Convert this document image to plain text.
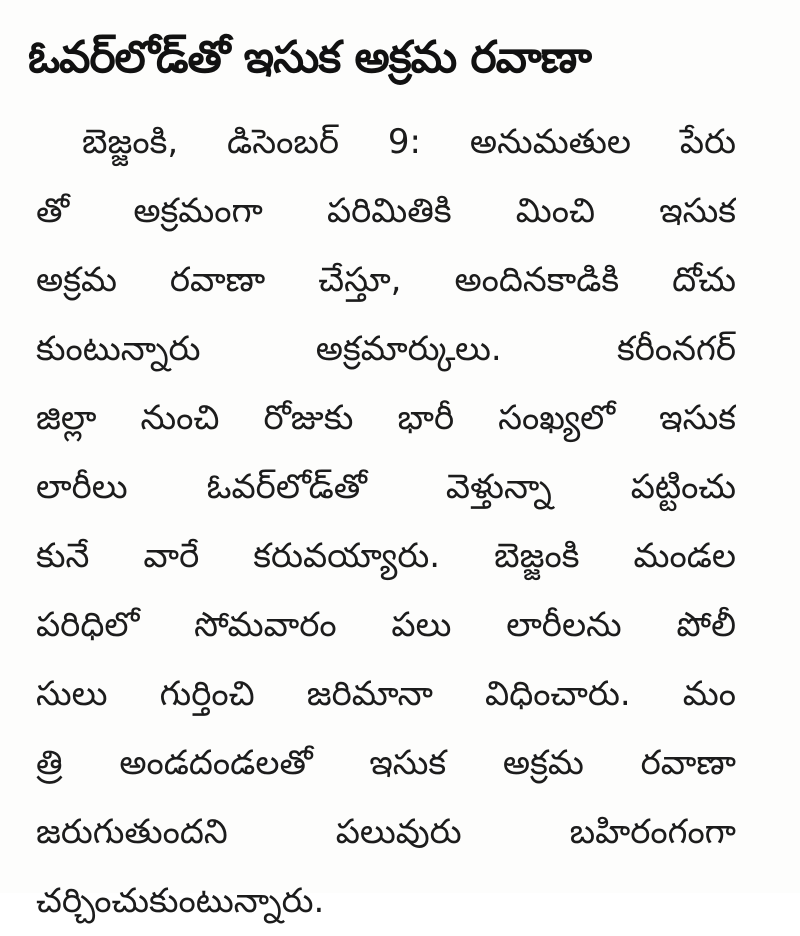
ఓవర్‌లోడ్‌తో ఇసుక అక్రమ రవాణా
బెజ్జంకి, డిసెంబర్ 9: అనుమతుల పేరు
తో అక్రమంగా పరిమితికి మించి ఇసుక
అక్రమ రవాణా చేస్తూ, అందినకాడికి దోచు
కుంటున్నారు అక్రమార్కులు. కరీంనగర్
జిల్లా నుంచి రోజుకు భారీ సంఖ్యలో ఇసుక
లారీలు ఓవర్‌లోడ్‌తో వెళ్తున్నా పట్టించు
కునే వారే కరువయ్యారు. బెజ్జంకి మండల
పరిధిలో సోమవారం పలు లారీలను పోలీ
సులు గుర్తించి జరిమానా విధించారు. మం
త్రి అండదండలతో ఇసుక అక్రమ రవాణా
జరుగుతుందని పలువురు బహిరంగంగా
చర్చించుకుంటున్నారు.
